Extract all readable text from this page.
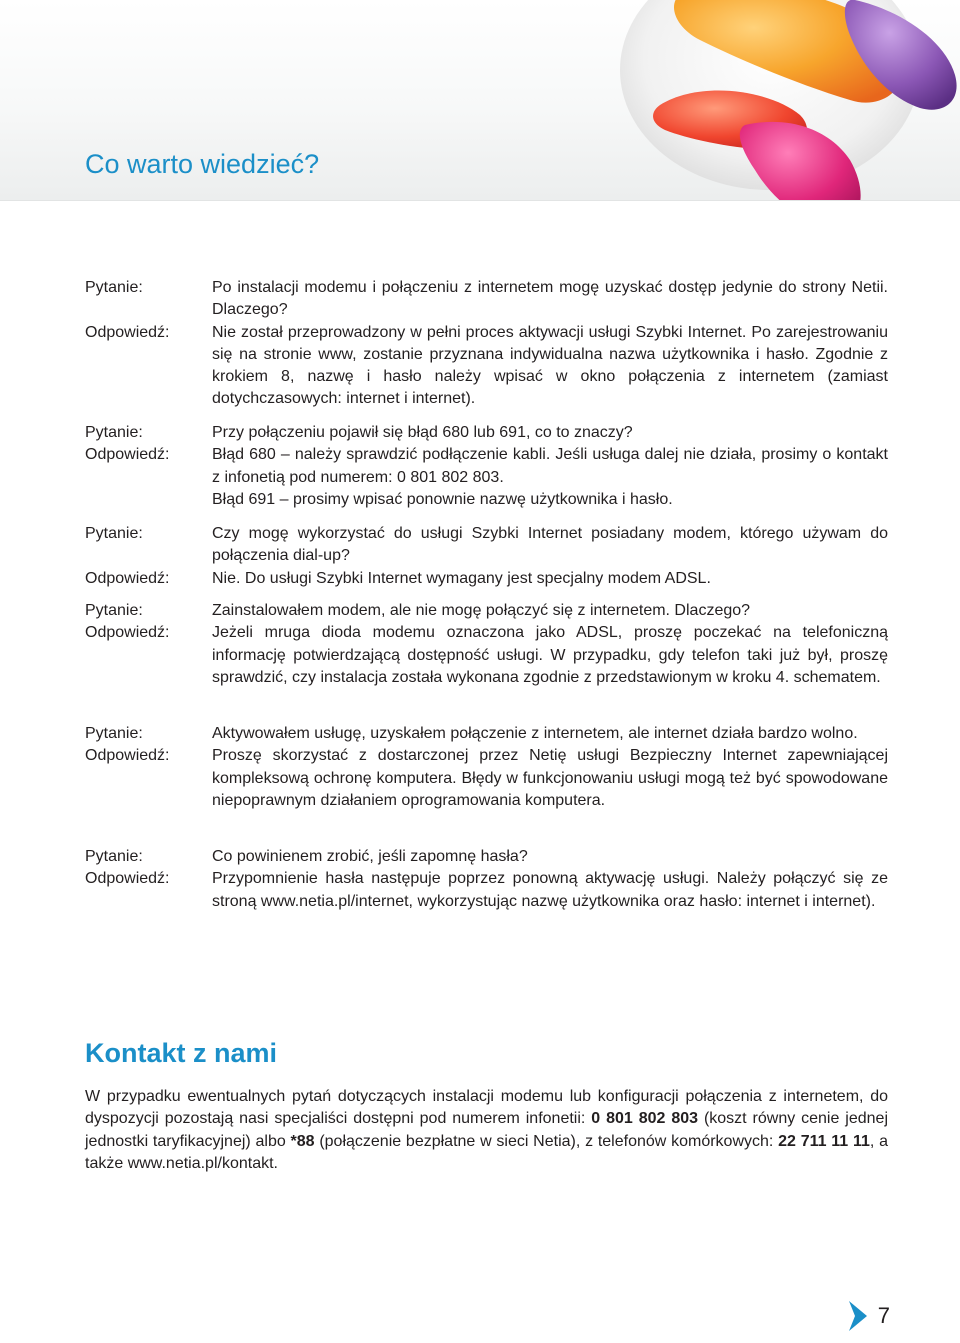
Co warto wiedzieć?
Pytanie:	Po instalacji modemu i połączeniu z internetem mogę uzyskać dostęp jedynie do strony Netii. Dlaczego?
Odpowiedź:	Nie został przeprowadzony w pełni proces aktywacji usługi Szybki Internet. Po zarejestrowaniu się na stronie www, zostanie przyznana indywidualna nazwa użytkownika i hasło. Zgodnie z krokiem 8, nazwę i hasło należy wpisać w okno połączenia z internetem (zamiast dotychczasowych: internet i internet).
Pytanie:	Przy połączeniu pojawił się błąd 680 lub 691, co to znaczy?
Odpowiedź:	Błąd 680 – należy sprawdzić podłączenie kabli. Jeśli usługa dalej nie działa, prosimy o kontakt z infonetią pod numerem: 0 801 802 803.
Błąd 691 – prosimy wpisać ponownie nazwę użytkownika i hasło.
Pytanie:	Czy mogę wykorzystać do usługi Szybki Internet posiadany modem, którego używam do połączenia dial-up?
Odpowiedź:	Nie. Do usługi Szybki Internet wymagany jest specjalny modem ADSL.
Pytanie:	Zainstalowałem modem, ale nie mogę połączyć się z internetem. Dlaczego?
Odpowiedź:	Jeżeli mruga dioda modemu oznaczona jako ADSL, proszę poczekać na telefoniczną informację potwierdzającą dostępność usługi. W przypadku, gdy telefon taki już był, proszę sprawdzić, czy instalacja została wykonana zgodnie z przedstawionym w kroku 4. schematem.
Pytanie:	Aktywowałem usługę, uzyskałem połączenie z internetem, ale internet działa bardzo wolno.
Odpowiedź:	Proszę skorzystać z dostarczonej przez Netię usługi Bezpieczny Internet zapewniającej kompleksową ochronę komputera. Błędy w funkcjonowaniu usługi mogą też być spowodowane niepoprawnym działaniem oprogramowania komputera.
Pytanie:	Co powinienem zrobić, jeśli zapomnę hasła?
Odpowiedź:	Przypomnienie hasła następuje poprzez ponowną aktywację usługi. Należy połączyć się ze stroną www.netia.pl/internet, wykorzystując nazwę użytkownika oraz hasło: internet i internet).
Kontakt z nami

W przypadku ewentualnych pytań dotyczących instalacji modemu lub konfiguracji połączenia z internetem, do dyspozycji pozostają nasi specjaliści dostępni pod numerem infonetii: 0 801 802 803 (koszt równy cenie jednej jednostki taryfikacyjnej) albo *88 (połączenie bezpłatne w sieci Netia), z telefonów komórkowych: 22 711 11 11, a także www.netia.pl/kontakt.

7
